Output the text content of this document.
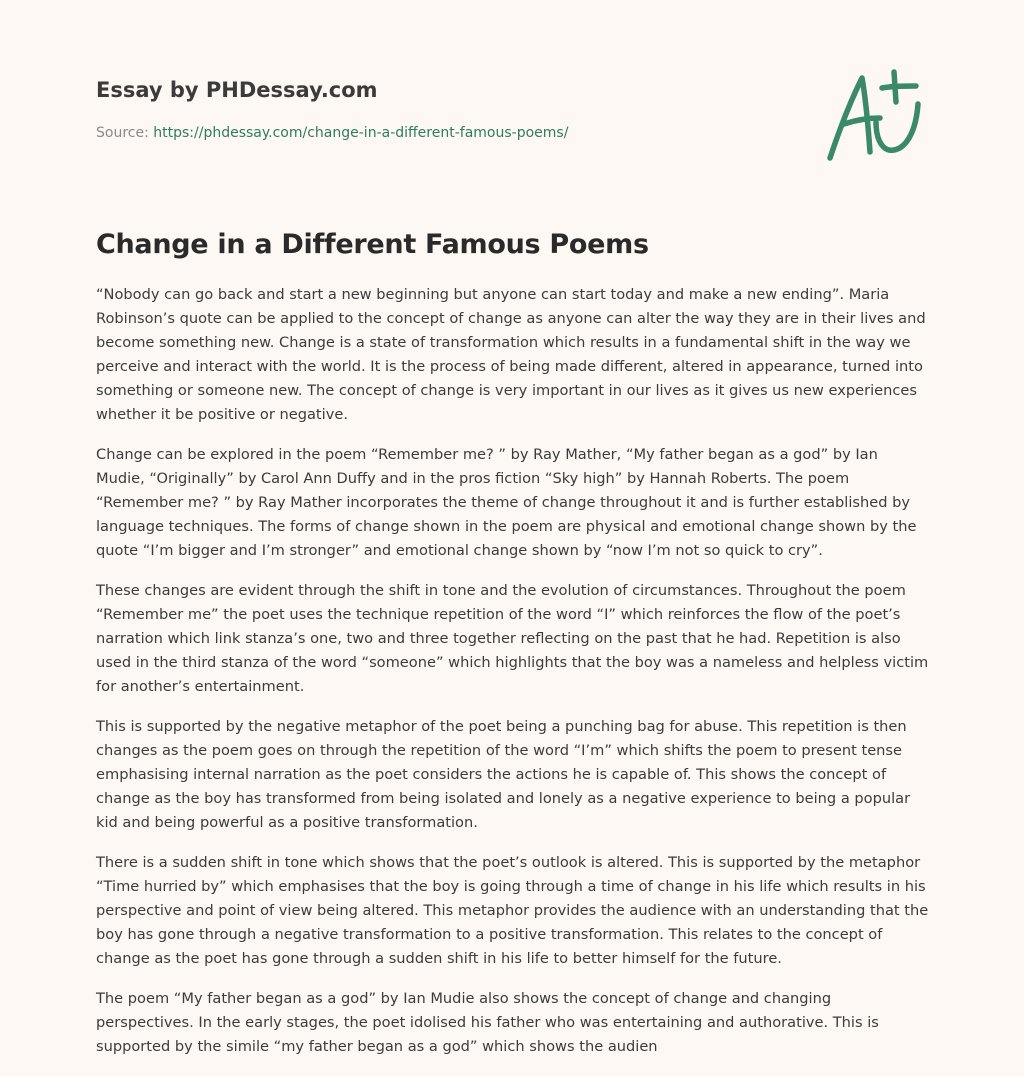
Essay by PHDessay.com
Source: https://phdessay.com/change-in-a-different-famous-poems/
Change in a Different Famous Poems

“Nobody can go back and start a new beginning but anyone can start today and make a new ending”. Maria Robinson’s quote can be applied to the concept of change as anyone can alter the way they are in their lives and become something new. Change is a state of transformation which results in a fundamental shift in the way we perceive and interact with the world. It is the process of being made different, altered in appearance, turned into something or someone new. The concept of change is very important in our lives as it gives us new experiences whether it be positive or negative.

Change can be explored in the poem “Remember me? ” by Ray Mather, “My father began as a god” by Ian Mudie, “Originally” by Carol Ann Duffy and in the pros fiction “Sky high” by Hannah Roberts. The poem “Remember me? ” by Ray Mather incorporates the theme of change throughout it and is further established by language techniques. The forms of change shown in the poem are physical and emotional change shown by the quote “I’m bigger and I’m stronger” and emotional change shown by “now I’m not so quick to cry”.

These changes are evident through the shift in tone and the evolution of circumstances. Throughout the poem “Remember me” the poet uses the technique repetition of the word “I” which reinforces the flow of the poet’s narration which link stanza’s one, two and three together reflecting on the past that he had. Repetition is also used in the third stanza of the word “someone” which highlights that the boy was a nameless and helpless victim for another’s entertainment.

This is supported by the negative metaphor of the poet being a punching bag for abuse. This repetition is then changes as the poem goes on through the repetition of the word “I’m” which shifts the poem to present tense emphasising internal narration as the poet considers the actions he is capable of. This shows the concept of change as the boy has transformed from being isolated and lonely as a negative experience to being a popular kid and being powerful as a positive transformation.

There is a sudden shift in tone which shows that the poet’s outlook is altered. This is supported by the metaphor “Time hurried by” which emphasises that the boy is going through a time of change in his life which results in his perspective and point of view being altered. This metaphor provides the audience with an understanding that the boy has gone through a negative transformation to a positive transformation. This relates to the concept of change as the poet has gone through a sudden shift in his life to better himself for the future.

The poem “My father began as a god” by Ian Mudie also shows the concept of change and changing perspectives. In the early stages, the poet idolised his father who was entertaining and authorative. This is supported by the simile “my father began as a god” which shows the audien
